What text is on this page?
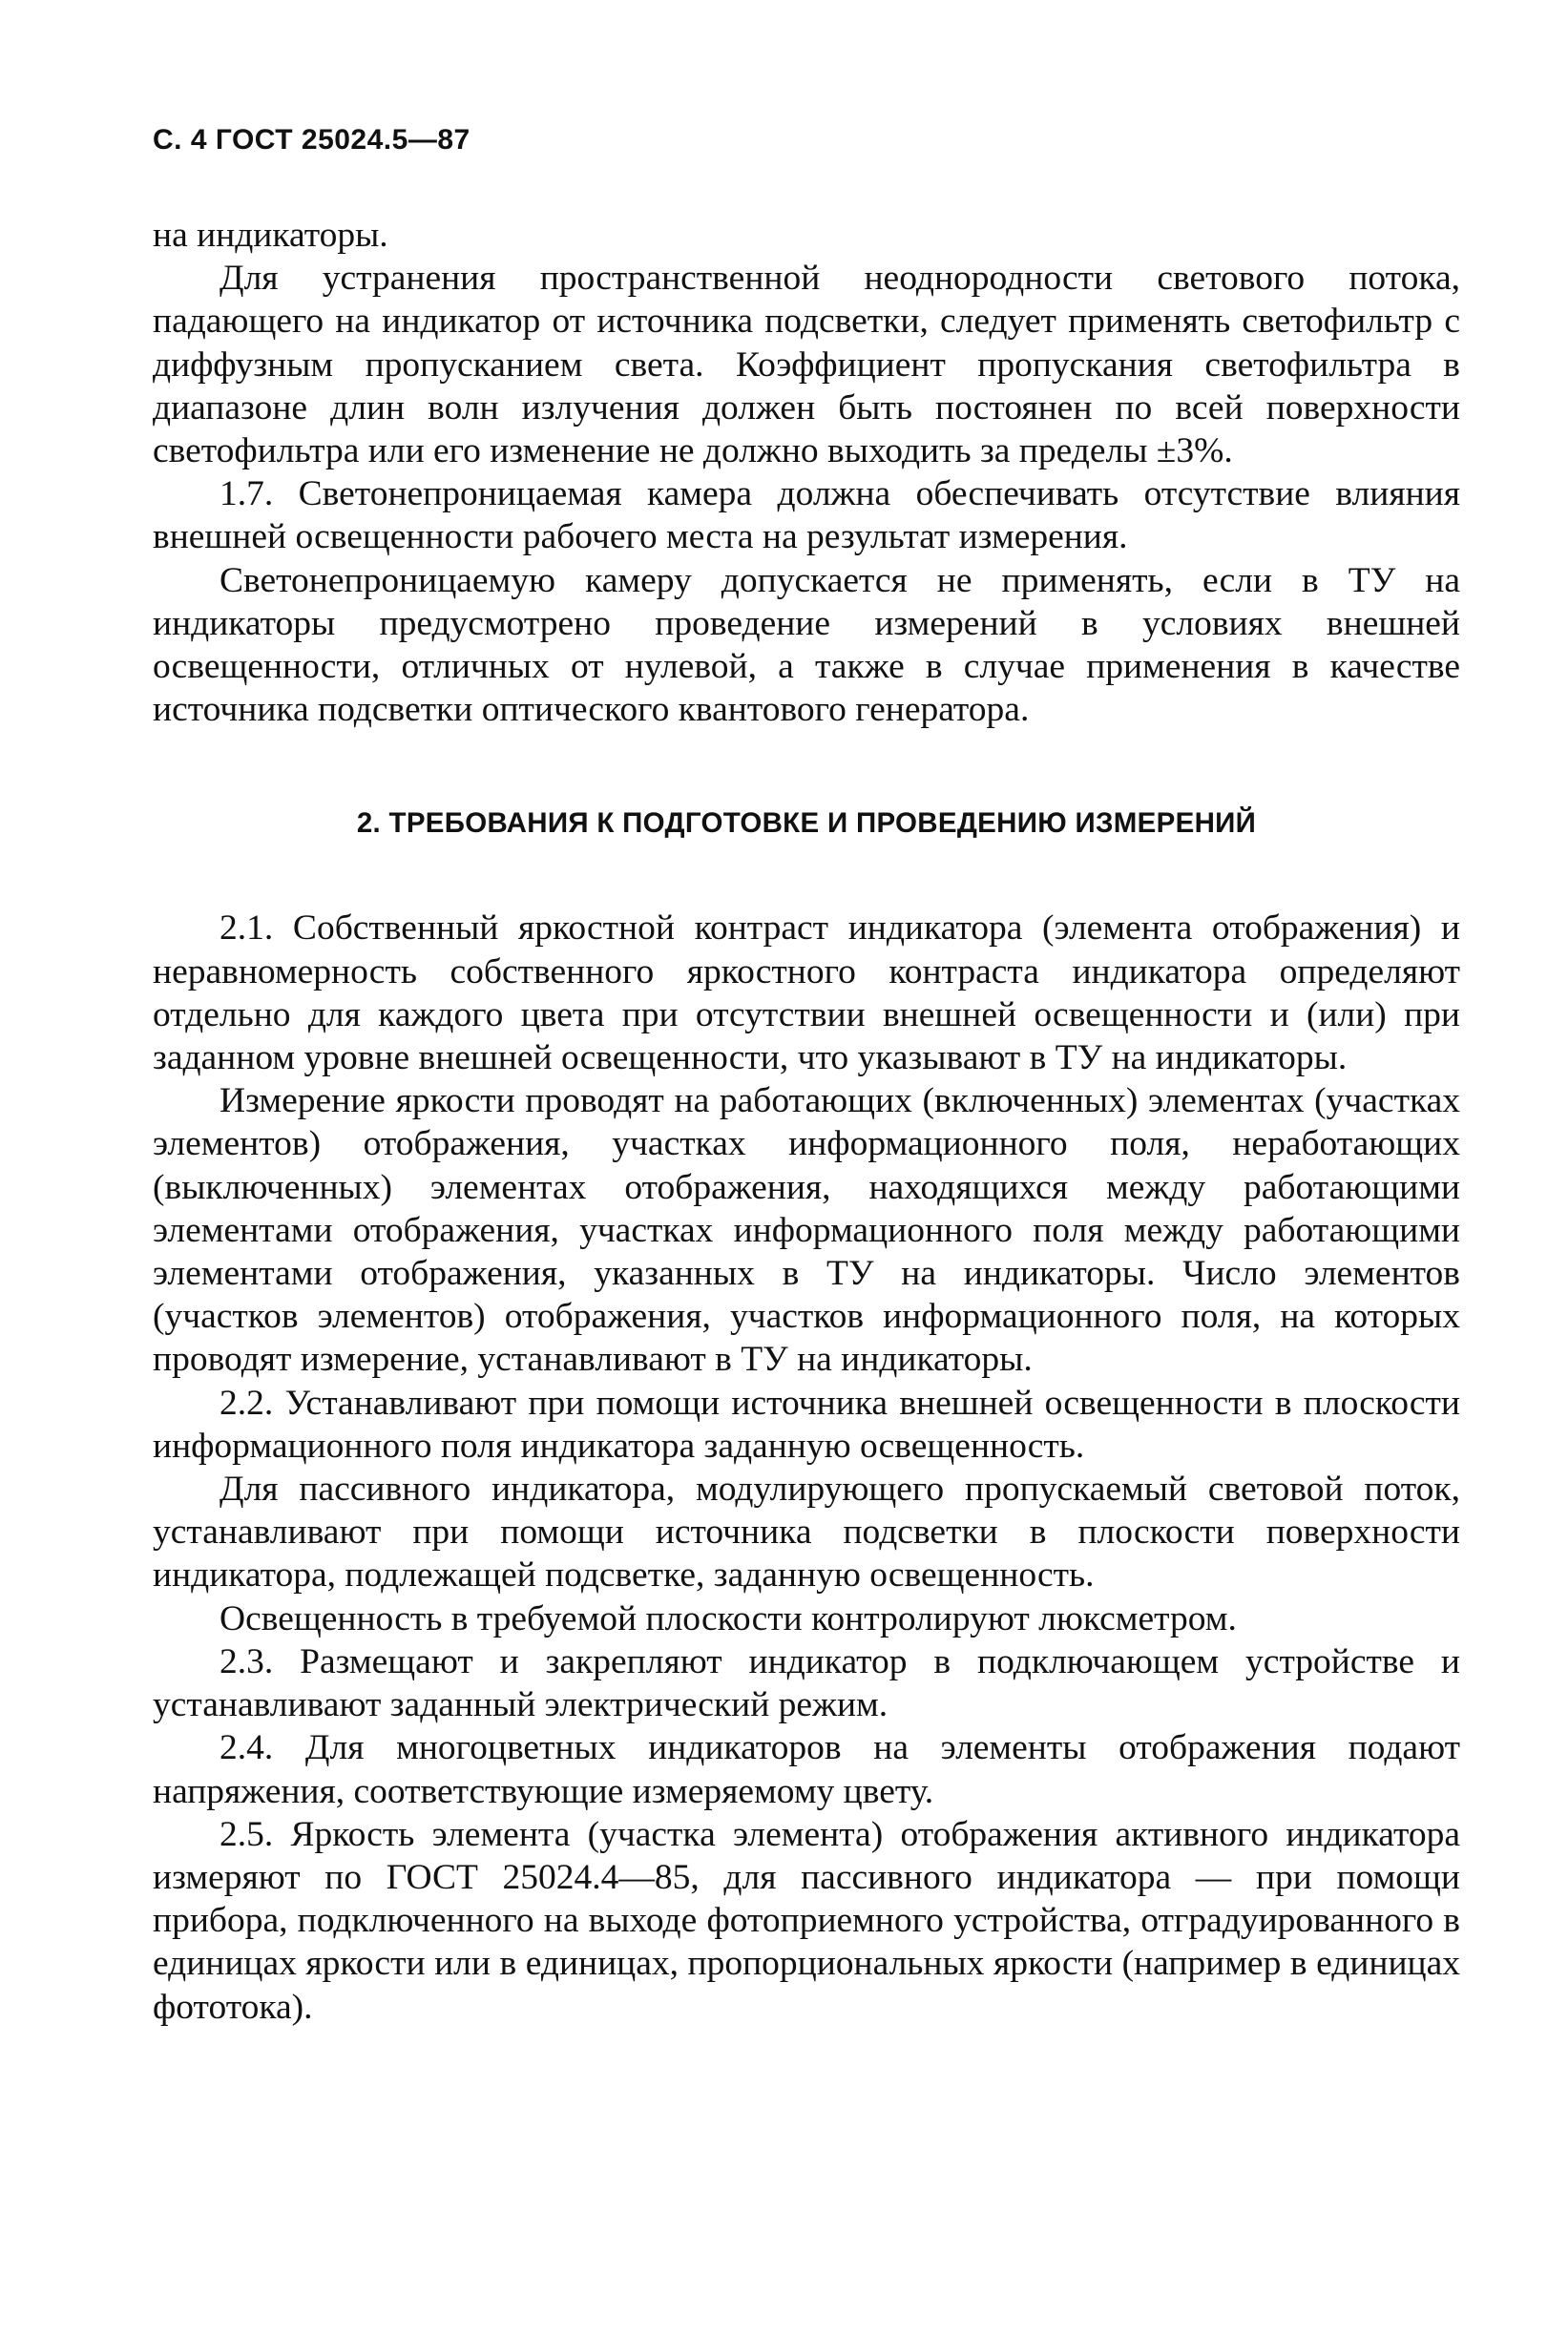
С. 4 ГОСТ 25024.5—87

на индикаторы.

Для устранения пространственной неоднородности светового потока, падающего на индикатор от источника подсветки, следует применять светофильтр с диффузным пропусканием света. Коэффициент пропускания светофильтра в диапазоне длин волн излучения должен быть постоянен по всей поверхности светофильтра или его изменение не должно выходить за пределы ±3%.

1.7. Светонепроницаемая камера должна обеспечивать отсутствие влияния внешней освещенности рабочего места на результат измерения.

Светонепроницаемую камеру допускается не применять, если в ТУ на индикаторы предусмотрено проведение измерений в условиях внешней освещенности, отличных от нулевой, а также в случае применения в качестве источника подсветки оптического квантового генератора.

2. ТРЕБОВАНИЯ К ПОДГОТОВКЕ И ПРОВЕДЕНИЮ ИЗМЕРЕНИЙ

2.1. Собственный яркостной контраст индикатора (элемента отображения) и неравномерность собственного яркостного контраста индикатора определяют отдельно для каждого цвета при отсутствии внешней освещенности и (или) при заданном уровне внешней освещенности, что указывают в ТУ на индикаторы.

Измерение яркости проводят на работающих (включенных) элементах (участках элементов) отображения, участках информационного поля, неработающих (выключенных) элементах отображения, находящихся между работающими элементами отображения, участках информационного поля между работающими элементами отображения, указанных в ТУ на индикаторы. Число элементов (участков элементов) отображения, участков информационного поля, на которых проводят измерение, устанавливают в ТУ на индикаторы.

2.2. Устанавливают при помощи источника внешней освещенности в плоскости информационного поля индикатора заданную освещенность.

Для пассивного индикатора, модулирующего пропускаемый световой поток, устанавливают при помощи источника подсветки в плоскости поверхности индикатора, подлежащей подсветке, заданную освещенность.

Освещенность в требуемой плоскости контролируют люксметром.

2.3. Размещают и закрепляют индикатор в подключающем устройстве и устанавливают заданный электрический режим.

2.4. Для многоцветных индикаторов на элементы отображения подают напряжения, соответствующие измеряемому цвету.

2.5. Яркость элемента (участка элемента) отображения активного индикатора измеряют по ГОСТ 25024.4—85, для пассивного индикатора — при помощи прибора, подключенного на выходе фотоприемного устройства, отградуированного в единицах яркости или в единицах, пропорциональных яркости (например в единицах фототока).
